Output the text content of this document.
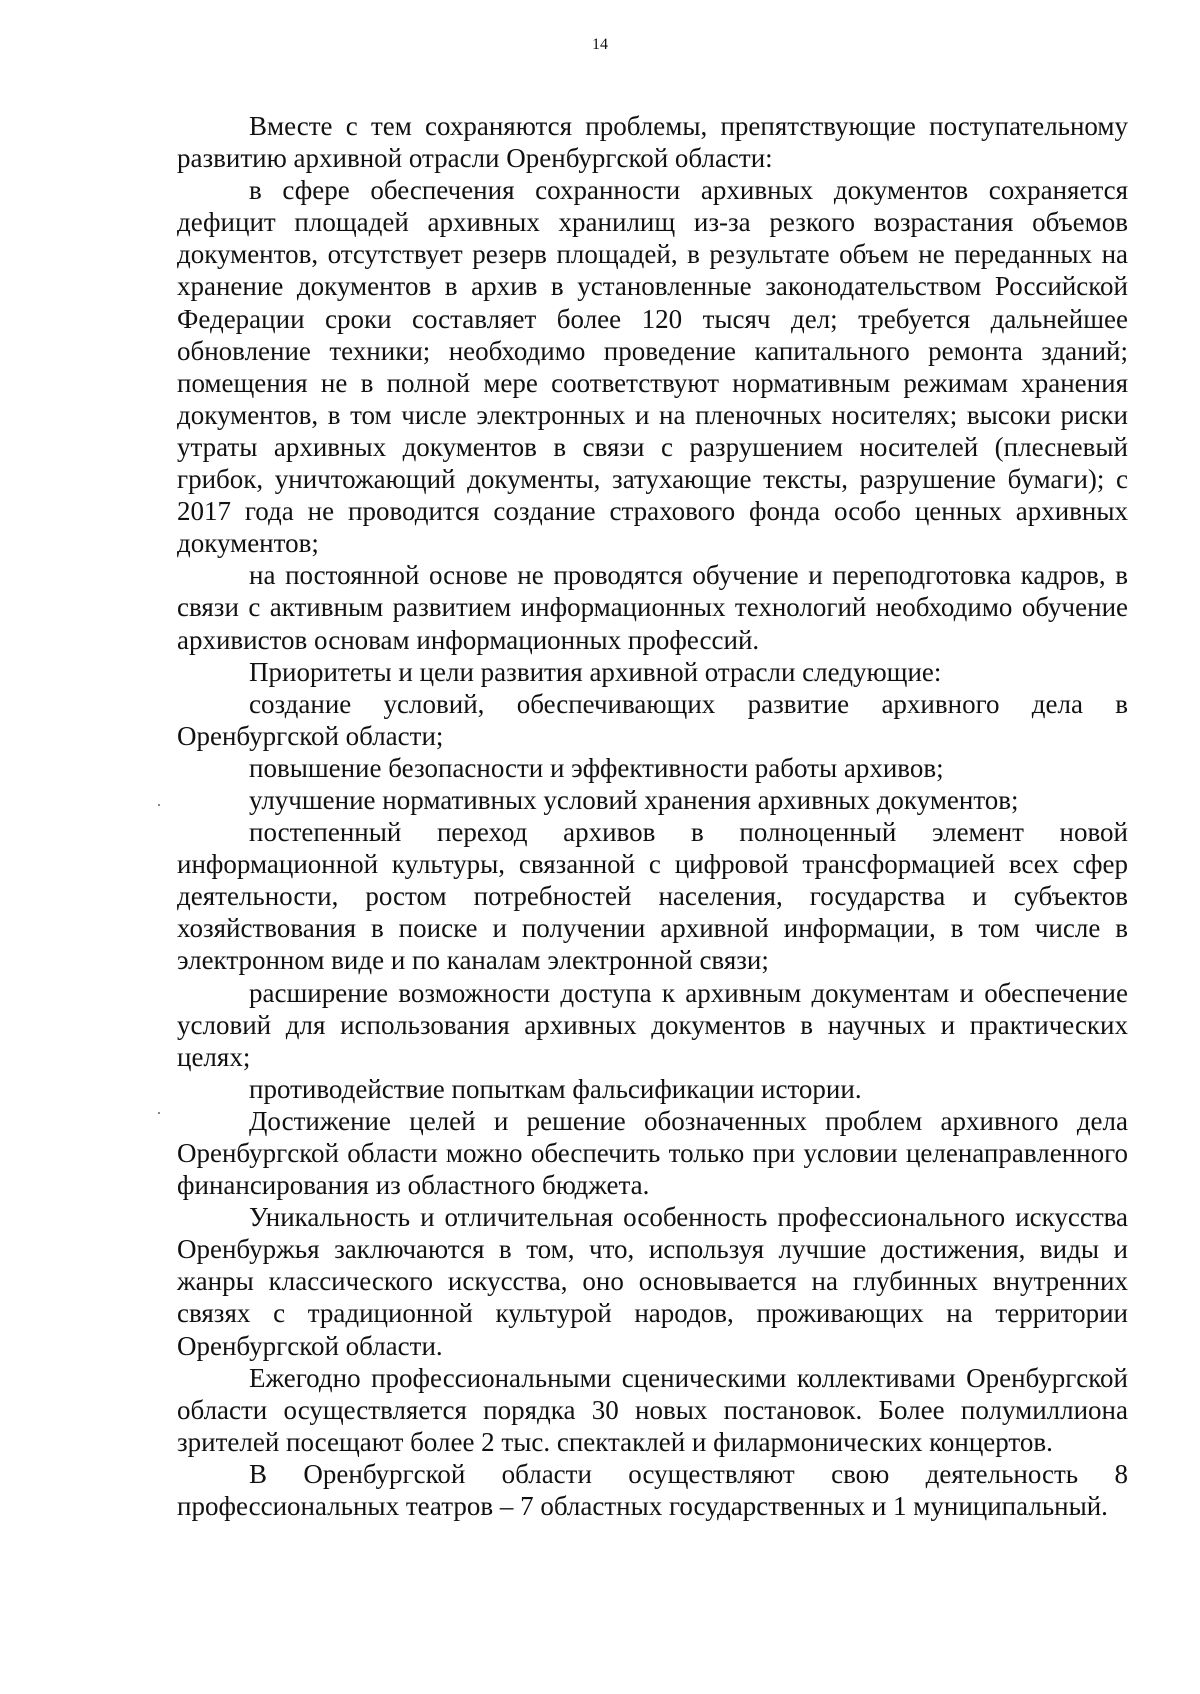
14

Вместе с тем сохраняются проблемы, препятствующие поступательному развитию архивной отрасли Оренбургской области:

в сфере обеспечения сохранности архивных документов сохраняется дефицит площадей архивных хранилищ из-за резкого возрастания объемов документов, отсутствует резерв площадей, в результате объем не переданных на хранение документов в архив в установленные законодательством Российской Федерации сроки составляет более 120 тысяч дел; требуется дальнейшее обновление техники; необходимо проведение капитального ремонта зданий; помещения не в полной мере соответствуют нормативным режимам хранения документов, в том числе электронных и на пленочных носителях; высоки риски утраты архивных документов в связи с разрушением носителей (плесневый грибок, уничтожающий документы, затухающие тексты, разрушение бумаги); с 2017 года не проводится создание страхового фонда особо ценных архивных документов;

на постоянной основе не проводятся обучение и переподготовка кадров, в связи с активным развитием информационных технологий необходимо обучение архивистов основам информационных профессий.

Приоритеты и цели развития архивной отрасли следующие:

создание условий, обеспечивающих развитие архивного дела в Оренбургской области;

повышение безопасности и эффективности работы архивов;

улучшение нормативных условий хранения архивных документов;

постепенный переход архивов в полноценный элемент новой информационной культуры, связанной с цифровой трансформацией всех сфер деятельности, ростом потребностей населения, государства и субъектов хозяйствования в поиске и получении архивной информации, в том числе в электронном виде и по каналам электронной связи;

расширение возможности доступа к архивным документам и обеспечение условий для использования архивных документов в научных и практических целях;

противодействие попыткам фальсификации истории.

Достижение целей и решение обозначенных проблем архивного дела Оренбургской области можно обеспечить только при условии целенаправленного финансирования из областного бюджета.

Уникальность и отличительная особенность профессионального искусства Оренбуржья заключаются в том, что, используя лучшие достижения, виды и жанры классического искусства, оно основывается на глубинных внутренних связях с традиционной культурой народов, проживающих на территории Оренбургской области.

Ежегодно профессиональными сценическими коллективами Оренбургской области осуществляется порядка 30 новых постановок. Более полумиллиона зрителей посещают более 2 тыс. спектаклей и филармонических концертов.

В Оренбургской области осуществляют свою деятельность 8 профессиональных театров – 7 областных государственных и 1 муниципальный.
